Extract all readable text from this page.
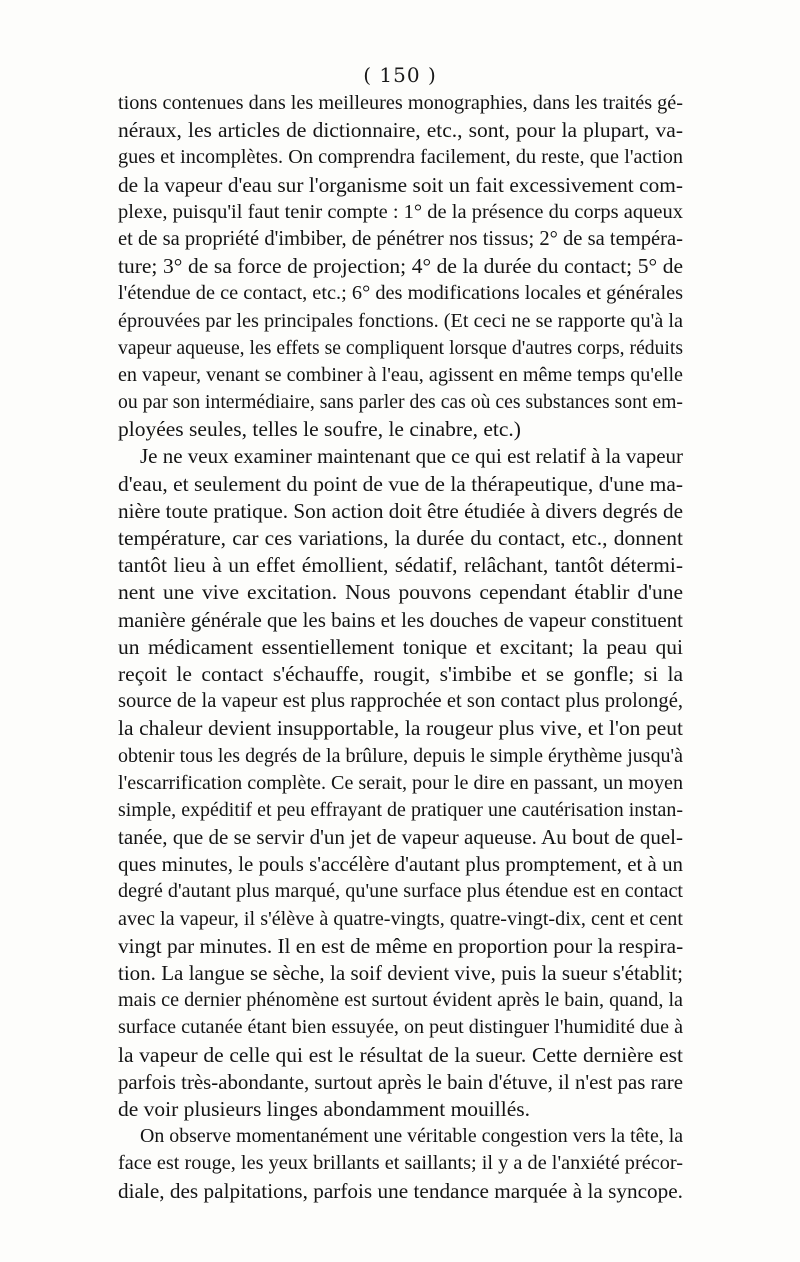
( 150 )
tions contenues dans les meilleures monographies, dans les traités gé-
néraux, les articles de dictionnaire, etc., sont, pour la plupart, va-
gues et incomplètes. On comprendra facilement, du reste, que l'action
de la vapeur d'eau sur l'organisme soit un fait excessivement com-
plexe, puisqu'il faut tenir compte : 1° de la présence du corps aqueux
et de sa propriété d'imbiber, de pénétrer nos tissus; 2° de sa tempéra-
ture; 3° de sa force de projection; 4° de la durée du contact; 5° de
l'étendue de ce contact, etc.; 6° des modifications locales et générales
éprouvées par les principales fonctions. (Et ceci ne se rapporte qu'à la
vapeur aqueuse, les effets se compliquent lorsque d'autres corps, réduits
en vapeur, venant se combiner à l'eau, agissent en même temps qu'elle
ou par son intermédiaire, sans parler des cas où ces substances sont em-
ployées seules, telles le soufre, le cinabre, etc.)
Je ne veux examiner maintenant que ce qui est relatif à la vapeur
d'eau, et seulement du point de vue de la thérapeutique, d'une ma-
nière toute pratique. Son action doit être étudiée à divers degrés de
température, car ces variations, la durée du contact, etc., donnent
tantôt lieu à un effet émollient, sédatif, relâchant, tantôt détermi-
nent une vive excitation. Nous pouvons cependant établir d'une
manière générale que les bains et les douches de vapeur constituent
un médicament essentiellement tonique et excitant; la peau qui
reçoit le contact s'échauffe, rougit, s'imbibe et se gonfle; si la
source de la vapeur est plus rapprochée et son contact plus prolongé,
la chaleur devient insupportable, la rougeur plus vive, et l'on peut
obtenir tous les degrés de la brûlure, depuis le simple érythème jusqu'à
l'escarrification complète. Ce serait, pour le dire en passant, un moyen
simple, expéditif et peu effrayant de pratiquer une cautérisation instan-
tanée, que de se servir d'un jet de vapeur aqueuse. Au bout de quel-
ques minutes, le pouls s'accélère d'autant plus promptement, et à un
degré d'autant plus marqué, qu'une surface plus étendue est en contact
avec la vapeur, il s'élève à quatre-vingts, quatre-vingt-dix, cent et cent
vingt par minutes. Il en est de même en proportion pour la respira-
tion. La langue se sèche, la soif devient vive, puis la sueur s'établit;
mais ce dernier phénomène est surtout évident après le bain, quand, la
surface cutanée étant bien essuyée, on peut distinguer l'humidité due à
la vapeur de celle qui est le résultat de la sueur. Cette dernière est
parfois très-abondante, surtout après le bain d'étuve, il n'est pas rare
de voir plusieurs linges abondamment mouillés.
On observe momentanément une véritable congestion vers la tête, la
face est rouge, les yeux brillants et saillants; il y a de l'anxiété précor-
diale, des palpitations, parfois une tendance marquée à la syncope.
